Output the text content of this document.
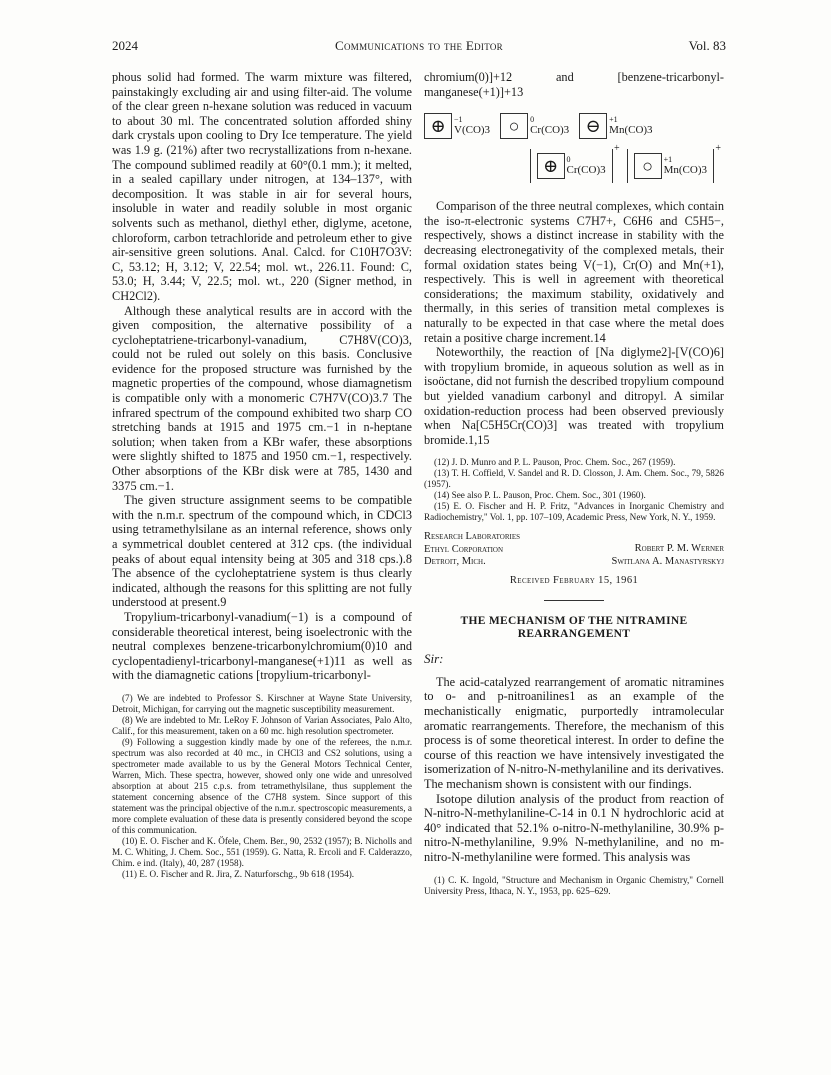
2024	Communications to the Editor	Vol. 83

phous solid had formed. The warm mixture was filtered, painstakingly excluding air and using filter-aid. The volume of the clear green n-hexane solution was reduced in vacuum to about 30 ml. The concentrated solution afforded shiny dark crystals upon cooling to Dry Ice temperature. The yield was 1.9 g. (21%) after two recrystallizations from n-hexane. The compound sublimed readily at 60°(0.1 mm.); it melted, in a sealed capillary under nitrogen, at 134–137°, with decomposition. It was stable in air for several hours, insoluble in water and readily soluble in most organic solvents such as methanol, diethyl ether, diglyme, acetone, chloroform, carbon tetrachloride and petroleum ether to give air-sensitive green solutions. Anal. Calcd. for C10H7O3V: C, 53.12; H, 3.12; V, 22.54; mol. wt., 226.11. Found: C, 53.0; H, 3.44; V, 22.5; mol. wt., 220 (Signer method, in CH2Cl2).

Although these analytical results are in accord with the given composition, the alternative possibility of a cycloheptatriene-tricarbonyl-vanadium, C7H8V(CO)3, could not be ruled out solely on this basis. Conclusive evidence for the proposed structure was furnished by the magnetic properties of the compound, whose diamagnetism is compatible only with a monomeric C7H7V(CO)3.7 The infrared spectrum of the compound exhibited two sharp CO stretching bands at 1915 and 1975 cm.−1 in n-heptane solution; when taken from a KBr wafer, these absorptions were slightly shifted to 1875 and 1950 cm.−1, respectively. Other absorptions of the KBr disk were at 785, 1430 and 3375 cm.−1.

The given structure assignment seems to be compatible with the n.m.r. spectrum of the compound which, in CDCl3 using tetramethylsilane as an internal reference, shows only a symmetrical doublet centered at 312 cps. (the individual peaks of about equal intensity being at 305 and 318 cps.).8 The absence of the cycloheptatriene system is thus clearly indicated, although the reasons for this splitting are not fully understood at present.9

Tropylium-tricarbonyl-vanadium(−1) is a compound of considerable theoretical interest, being isoelectronic with the neutral complexes benzene-tricarbonylchromium(0)10 and cyclopentadienyl-tricarbonyl-manganese(+1)11 as well as with the diamagnetic cations [tropylium-tricarbonyl-

(7) We are indebted to Professor S. Kirschner at Wayne State University, Detroit, Michigan, for carrying out the magnetic susceptibility measurement.

(8) We are indebted to Mr. LeRoy F. Johnson of Varian Associates, Palo Alto, Calif., for this measurement, taken on a 60 mc. high resolution spectrometer.

(9) Following a suggestion kindly made by one of the referees, the n.m.r. spectrum was also recorded at 40 mc., in CHCl3 and CS2 solutions, using a spectrometer made available to us by the General Motors Technical Center, Warren, Mich. These spectra, however, showed only one wide and unresolved absorption at about 215 c.p.s. from tetramethylsilane, thus supplement the statement concerning absence of the C7H8 system. Since support of this statement was the principal objective of the n.m.r. spectroscopic measurements, a more complete evaluation of these data is presently considered beyond the scope of this communication.

(10) E. O. Fischer and K. Öfele, Chem. Ber., 90, 2532 (1957); B. Nicholls and M. C. Whiting, J. Chem. Soc., 551 (1959). G. Natta, R. Ercoli and F. Calderazzo, Chim. e ind. (Italy), 40, 287 (1958).

(11) E. O. Fischer and R. Jira, Z. Naturforschg., 9b 618 (1954).

chromium(0)]+12 and [benzene-tricarbonyl-manganese(+1)]+13

⊕	−1
V(CO)3	○	0
Cr(CO)3 ⊖	+1
Mn(CO)3
⊕	0
Cr(CO)3
+
○	+1
Mn(CO)3
+

Comparison of the three neutral complexes, which contain the iso-π-electronic systems C7H7+, C6H6 and C5H5−, respectively, shows a distinct increase in stability with the decreasing electronegativity of the complexed metals, their formal oxidation states being V(−1), Cr(O) and Mn(+1), respectively. This is well in agreement with theoretical considerations; the maximum stability, oxidatively and thermally, in this series of transition metal complexes is naturally to be expected in that case where the metal does retain a positive charge increment.14

Noteworthily, the reaction of [Na diglyme2]-[V(CO)6] with tropylium bromide, in aqueous solution as well as in isoöctane, did not furnish the described tropylium compound but yielded vanadium carbonyl and ditropyl. A similar oxidation-reduction process had been observed previously when Na[C5H5Cr(CO)3] was treated with tropylium bromide.1,15

(12) J. D. Munro and P. L. Pauson, Proc. Chem. Soc., 267 (1959).

(13) T. H. Coffield, V. Sandel and R. D. Closson, J. Am. Chem. Soc., 79, 5826 (1957).

(14) See also P. L. Pauson, Proc. Chem. Soc., 301 (1960).

(15) E. O. Fischer and H. P. Fritz, "Advances in Inorganic Chemistry and Radiochemistry," Vol. 1, pp. 107–109, Academic Press, New York, N. Y., 1959.

Research Laboratories
Ethyl Corporation
Detroit, Mich.
Robert P. M. Werner
Switlana A. Manastyrskyj
Received February 15, 1961
THE MECHANISM OF THE NITRAMINE REARRANGEMENT
Sir:

The acid-catalyzed rearrangement of aromatic nitramines to o- and p-nitroanilines1 as an example of the mechanistically enigmatic, purportedly intramolecular aromatic rearrangements. Therefore, the mechanism of this process is of some theoretical interest. In order to define the course of this reaction we have intensively investigated the isomerization of N-nitro-N-methylaniline and its derivatives. The mechanism shown is consistent with our findings.

Isotope dilution analysis of the product from reaction of N-nitro-N-methylaniline-C-14 in 0.1 N hydrochloric acid at 40° indicated that 52.1% o-nitro-N-methylaniline, 30.9% p-nitro-N-methylaniline, 9.9% N-methylaniline, and no m-nitro-N-methylaniline were formed. This analysis was

(1) C. K. Ingold, "Structure and Mechanism in Organic Chemistry," Cornell University Press, Ithaca, N. Y., 1953, pp. 625–629.
